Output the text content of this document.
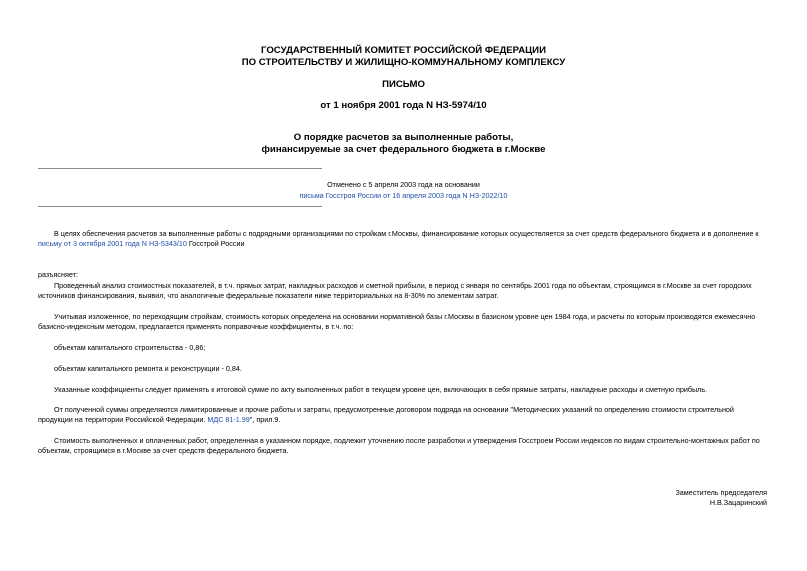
ГОСУДАРСТВЕННЫЙ КОМИТЕТ РОССИЙСКОЙ ФЕДЕРАЦИИ
ПО СТРОИТЕЛЬСТВУ И ЖИЛИЩНО-КОММУНАЛЬНОМУ КОМПЛЕКСУ
ПИСЬМО
от 1 ноября 2001 года N НЗ-5974/10
О порядке расчетов за выполненные работы,
финансируемые за счет федерального бюджета в г.Москве
Отменено с 5 апреля 2003 года на основании
письма Госстроя России от 16 апреля 2003 года N НЗ-2022/10
В целях обеспечения расчетов за выполненные работы с подрядными организациями по стройкам г.Москвы, финансирование которых осуществляется за счет средств федерального бюджета и в дополнение к письму от 3 октября 2001 года N НЗ-5343/10 Госстрой России
разъясняет:
Проведенный анализ стоимостных показателей, в т.ч. прямых затрат, накладных расходов и сметной прибыли, в период с января по сентябрь 2001 года по объектам, строящимся в г.Москве за счет городских источников финансирования, выявил, что аналогичные федеральные показатели ниже территориальных на 8-30% по элементам затрат.
Учитывая изложенное, по переходящим стройкам, стоимость которых определена на основании нормативной базы г.Москвы в базисном уровне цен 1984 года, и расчеты по которым производятся ежемесячно базисно-индексным методом, предлагается применять поправочные коэффициенты, в т.ч. по:
объектам капитального строительства - 0,86;
объектам капитального ремонта и реконструкции - 0,84.
Указанные коэффициенты следует применять к итоговой сумме по акту выполненных работ в текущем уровне цен, включающих в себя прямые затраты, накладные расходы и сметную прибыль.
От полученной суммы определяются лимитированные и прочие работы и затраты, предусмотренные договором подряда на основании "Методических указаний по определению стоимости строительной продукции на территории Российской Федерации. МДС 81-1.99", прил.9.
Стоимость выполненных и оплаченных работ, определенная в указанном порядке, подлежит уточнению после разработки и утверждения Госстроем России индексов по видам строительно-монтажных работ по объектам, строящимся в г.Москве за счет средств федерального бюджета.
Заместитель председателя
Н.В.Зацаринский
